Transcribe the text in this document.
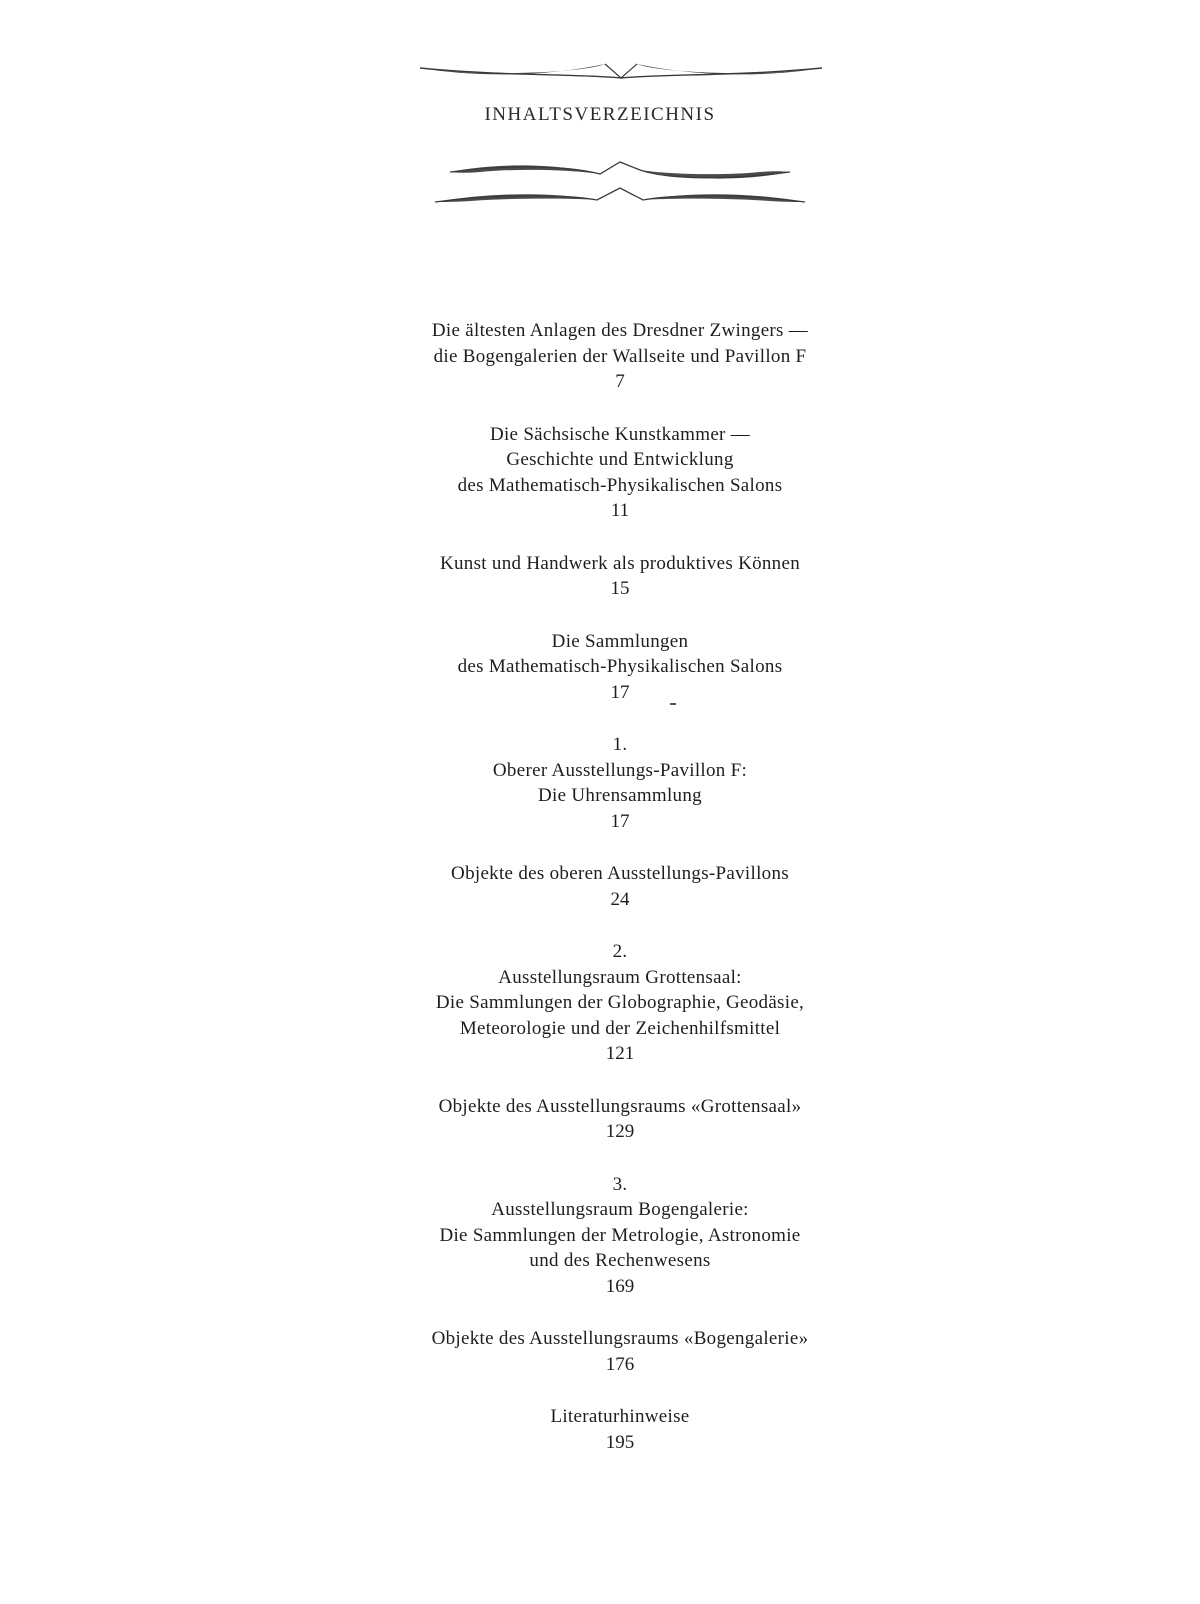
INHALTSVERZEICHNIS
Die ältesten Anlagen des Dresdner Zwingers —
die Bogengalerien der Wallseite und Pavillon F
7
Die Sächsische Kunstkammer —
Geschichte und Entwicklung
des Mathematisch-Physikalischen Salons
11
Kunst und Handwerk als produktives Können
15
Die Sammlungen
des Mathematisch-Physikalischen Salons
17
1.
Oberer Ausstellungs-Pavillon F:
Die Uhrensammlung
17
Objekte des oberen Ausstellungs-Pavillons
24
2.
Ausstellungsraum Grottensaal:
Die Sammlungen der Globographie, Geodäsie,
Meteorologie und der Zeichenhilfsmittel
121
Objekte des Ausstellungsraums «Grottensaal»
129
3.
Ausstellungsraum Bogengalerie:
Die Sammlungen der Metrologie, Astronomie
und des Rechenwesens
169
Objekte des Ausstellungsraums «Bogengalerie»
176
Literaturhinweise
195
